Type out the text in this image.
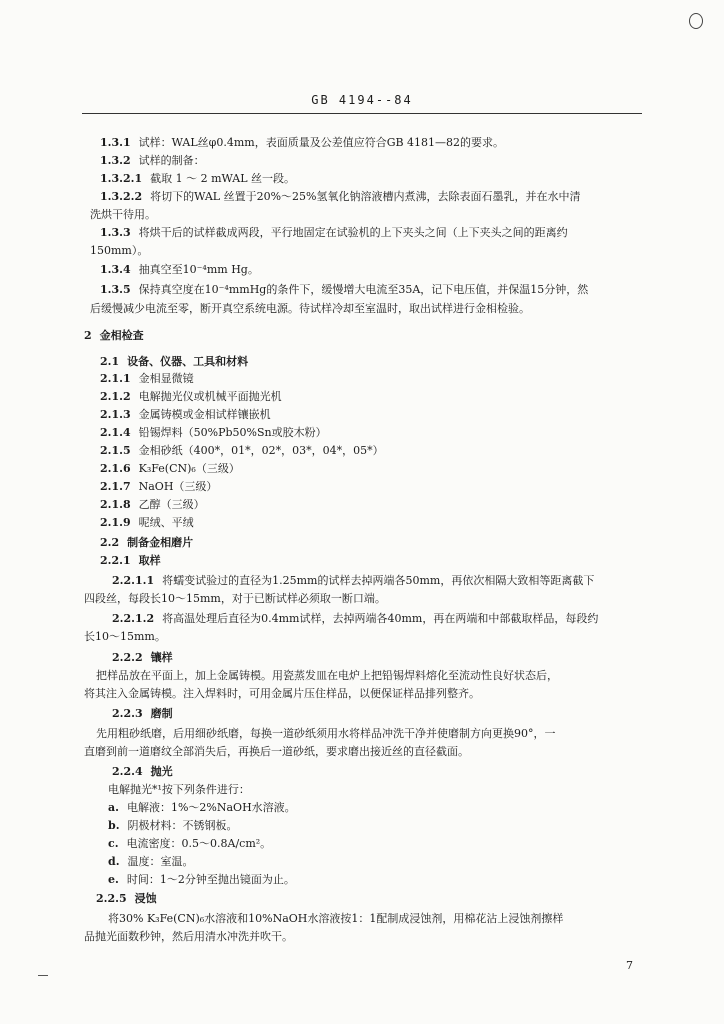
GB 4194--84
1.3.1 试样：WAL丝φ0.4mm，表面质量及公差值应符合GB 4181—82的要求。
1.3.2 试样的制备：
1.3.2.1 截取 1 ～ 2 mWAL 丝一段。
1.3.2.2 将切下的WAL 丝置于20%～25%氢氧化钠溶液槽内煮沸，去除表面石墨乳，并在水中清
洗烘干待用。
1.3.3 将烘干后的试样截成两段，平行地固定在试验机的上下夹头之间（上下夹头之间的距离约
150mm）。
1.3.4 抽真空至10⁻⁴mm Hg。
1.3.5 保持真空度在10⁻⁴mmHg的条件下，缓慢增大电流至35A，记下电压值，并保温15分钟，然
后缓慢减少电流至零，断开真空系统电源。待试样冷却至室温时，取出试样进行金相检验。
2 金相检查
2.1 设备、仪器、工具和材料
2.1.1 金相显微镜
2.1.2 电解抛光仪或机械平面抛光机
2.1.3 金属铸模或金相试样镶嵌机
2.1.4 铅锡焊料（50%Pb50%Sn或胶木粉）
2.1.5 金相砂纸（400*，01*，02*，03*，04*，05*）
2.1.6 K₃Fe(CN)₆（三级）
2.1.7 NaOH（三级）
2.1.8 乙醇（三级）
2.1.9 呢绒、平绒
2.2 制备金相磨片
2.2.1 取样
2.2.1.1 将蠕变试验过的直径为1.25mm的试样去掉两端各50mm，再依次相隔大致相等距离截下
四段丝，每段长10～15mm，对于已断试样必须取一断口端。
2.2.1.2 将高温处理后直径为0.4mm试样，去掉两端各40mm，再在两端和中部截取样品，每段约
长10～15mm。
2.2.2 镶样
把样品放在平面上，加上金属铸模。用瓷蒸发皿在电炉上把铅锡焊料熔化至流动性良好状态后，
将其注入金属铸模。注入焊料时，可用金属片压住样品，以便保证样品排列整齐。
2.2.3 磨制
先用粗砂纸磨，后用细砂纸磨，每换一道砂纸须用水将样品冲洗干净并使磨制方向更换90°，一
直磨到前一道磨纹全部消失后，再换后一道砂纸，要求磨出接近丝的直径截面。
2.2.4 抛光
电解抛光*¹按下列条件进行：
a. 电解液：1%～2%NaOH水溶液。
b. 阴极材料：不锈钢板。
c. 电流密度：0.5～0.8A/cm²。
d. 温度：室温。
e. 时间：1～2分钟至抛出镜面为止。
2.2.5 浸蚀
将30% K₃Fe(CN)₆水溶液和10%NaOH水溶液按1：1配制成浸蚀剂，用棉花沾上浸蚀剂擦样
品抛光面数秒钟，然后用清水冲洗并吹干。
7
